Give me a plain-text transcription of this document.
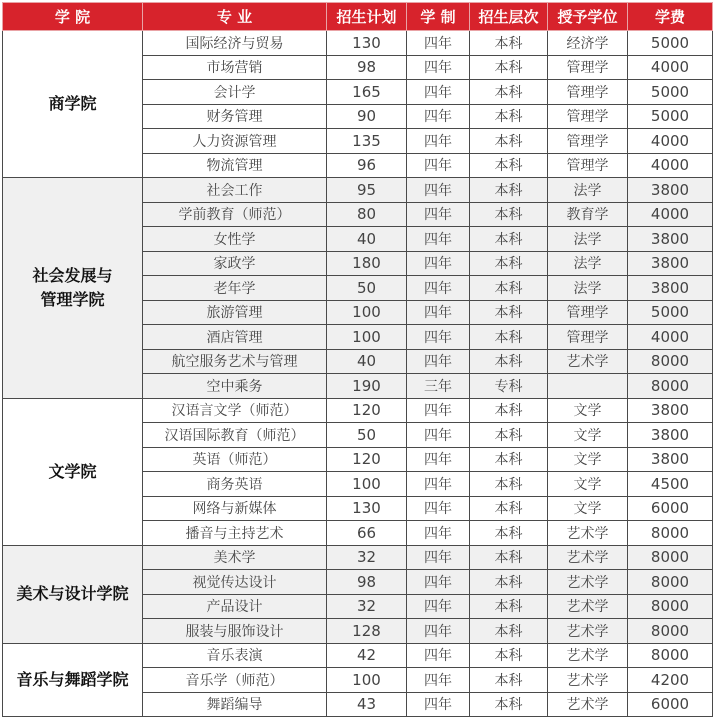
学 院	专 业	招生计划	学 制	招生层次	授予学位	学费
商学院	国际经济与贸易	130	四年	本科	经济学	5000
	市场营销	98	四年	本科	管理学	4000
	会计学	165	四年	本科	管理学	5000
	财务管理	90	四年	本科	管理学	5000
	人力资源管理	135	四年	本科	管理学	4000
	物流管理	96	四年	本科	管理学	4000
社会发展与管理学院	社会工作	95	四年	本科	法学	3800
	学前教育（师范）	80	四年	本科	教育学	4000
	女性学	40	四年	本科	法学	3800
	家政学	180	四年	本科	法学	3800
	老年学	50	四年	本科	法学	3800
	旅游管理	100	四年	本科	管理学	5000
	酒店管理	100	四年	本科	管理学	4000
	航空服务艺术与管理	40	四年	本科	艺术学	8000
	空中乘务	190	三年	专科		8000
文学院	汉语言文学（师范）	120	四年	本科	文学	3800
	汉语国际教育（师范）	50	四年	本科	文学	3800
	英语（师范）	120	四年	本科	文学	3800
	商务英语	100	四年	本科	文学	4500
	网络与新媒体	130	四年	本科	文学	6000
	播音与主持艺术	66	四年	本科	艺术学	8000
美术与设计学院	美术学	32	四年	本科	艺术学	8000
	视觉传达设计	98	四年	本科	艺术学	8000
	产品设计	32	四年	本科	艺术学	8000
	服装与服饰设计	128	四年	本科	艺术学	8000
音乐与舞蹈学院	音乐表演	42	四年	本科	艺术学	8000
	音乐学（师范）	100	四年	本科	艺术学	4200
	舞蹈编导	43	四年	本科	艺术学	6000
